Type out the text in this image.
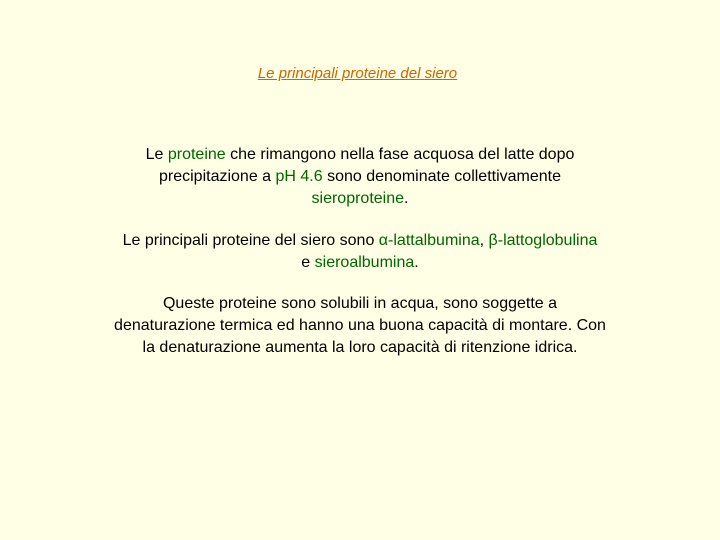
Le principali proteine del siero
Le proteine che rimangono nella fase acquosa del latte dopo
precipitazione a pH 4.6 sono denominate collettivamente
sieroproteine.
Le principali proteine del siero sono α-lattalbumina, β-lattoglobulina
e sieroalbumina.
Queste proteine sono solubili in acqua, sono soggette a
denaturazione termica ed hanno una buona capacità di montare. Con
la denaturazione aumenta la loro capacità di ritenzione idrica.
